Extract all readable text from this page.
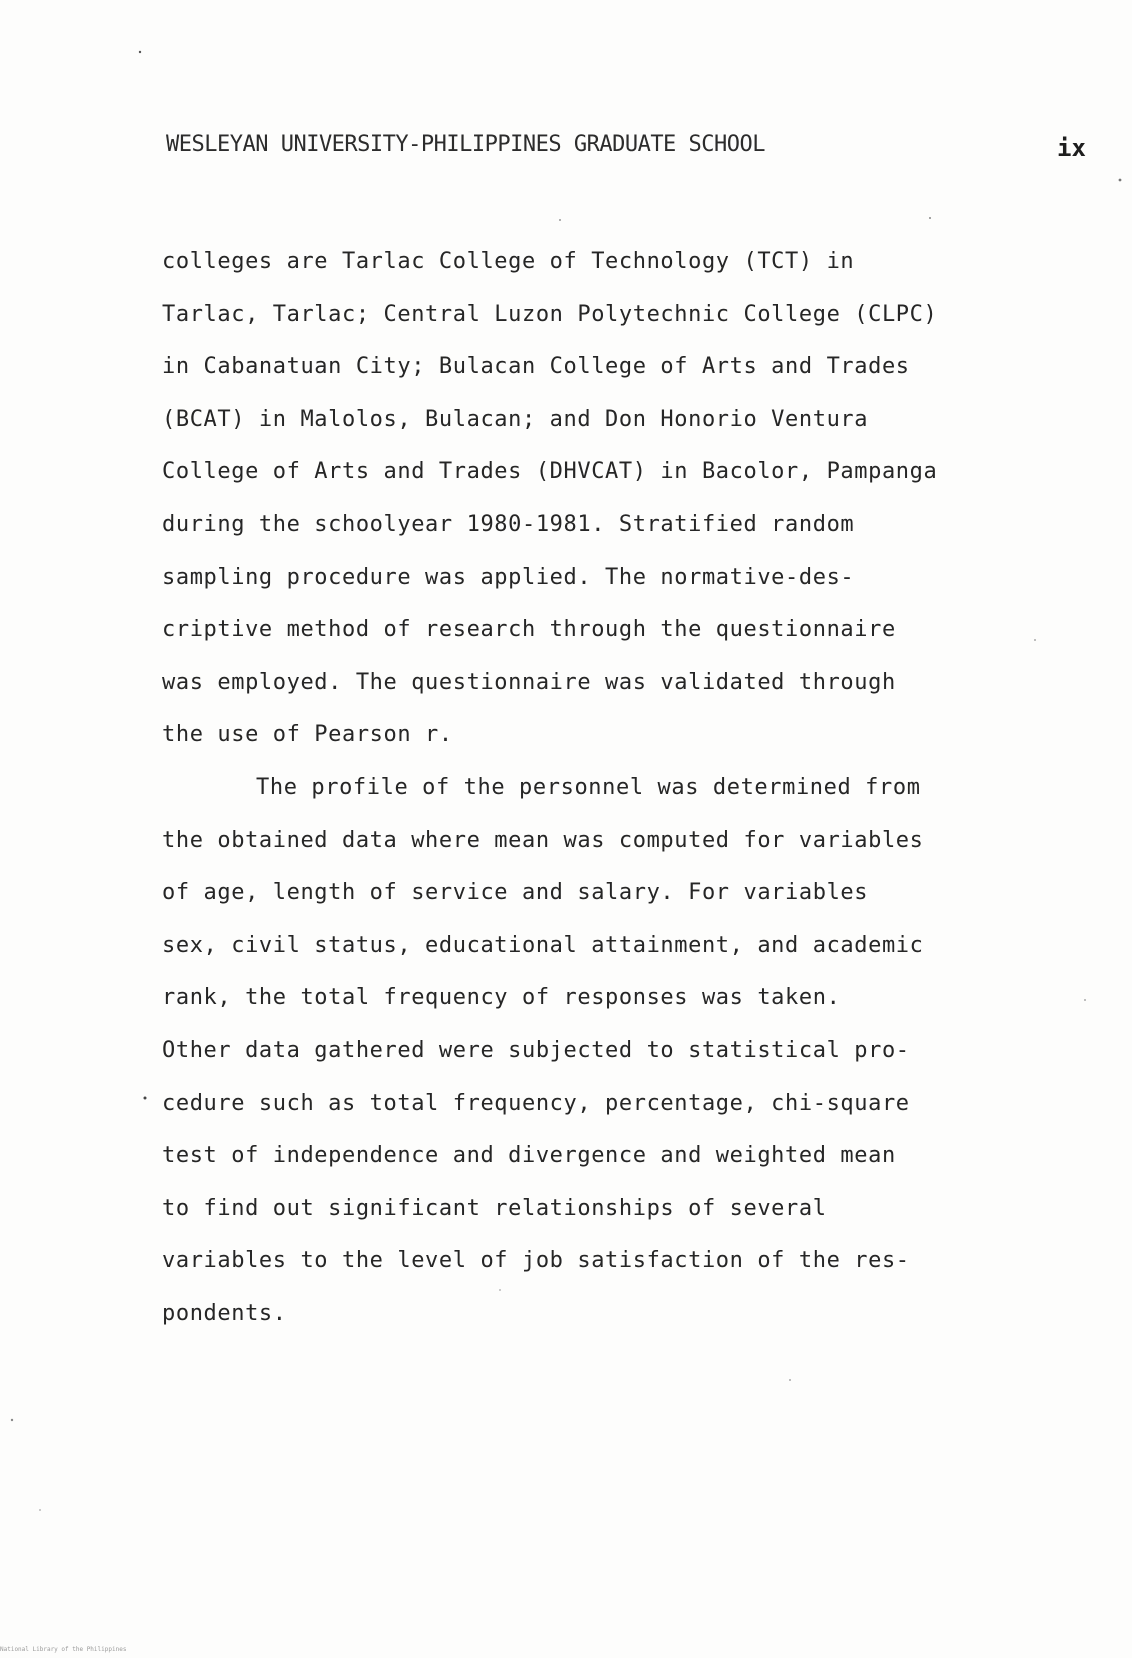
WESLEYAN UNIVERSITY-PHILIPPINES GRADUATE SCHOOL	ix
colleges are Tarlac College of Technology (TCT) in
Tarlac, Tarlac; Central Luzon Polytechnic College (CLPC)
in Cabanatuan City; Bulacan College of Arts and Trades
(BCAT) in Malolos, Bulacan; and Don Honorio Ventura
College of Arts and Trades (DHVCAT) in Bacolor, Pampanga
during the schoolyear 1980-1981. Stratified random
sampling procedure was applied. The normative-des-
criptive method of research through the questionnaire
was employed. The questionnaire was validated through
the use of Pearson r.
The profile of the personnel was determined from
the obtained data where mean was computed for variables
of age, length of service and salary. For variables
sex, civil status, educational attainment, and academic
rank, the total frequency of responses was taken.
Other data gathered were subjected to statistical pro-
cedure such as total frequency, percentage, chi-square
test of independence and divergence and weighted mean
to find out significant relationships of several
variables to the level of job satisfaction of the res-
pondents.
National Library of the Philippines
